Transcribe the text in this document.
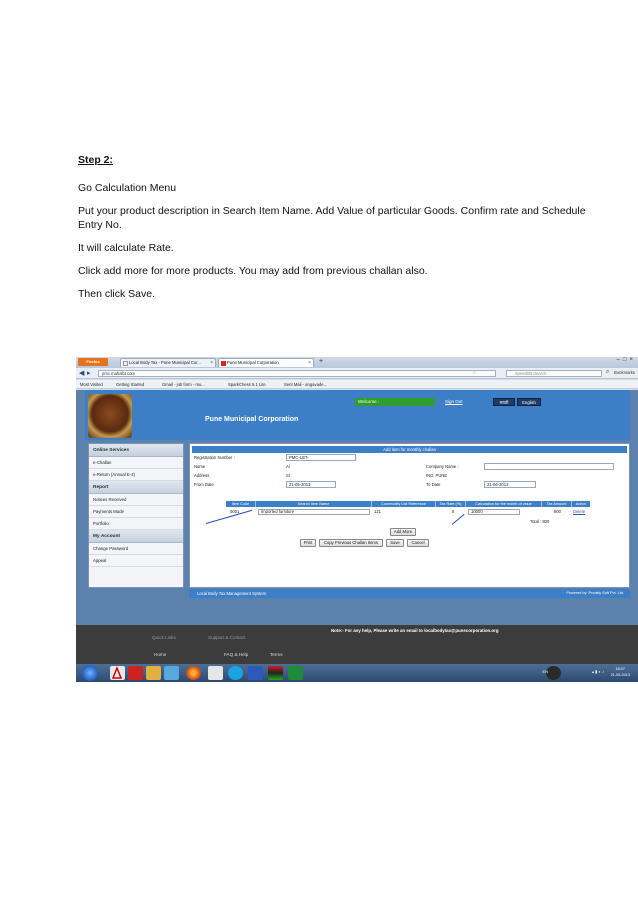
Step 2:

Go Calculation Menu

Put your product description in Search Item Name. Add Value of particular Goods. Confirm rate and Schedule Entry No.

It will calculate Rate.

Click add more for more products. You may add from previous challan also.

Then click Save.

Firefox	Local Body Tax - Pune Municipal Cor... ×	Pune Municipal Corporation	×	+	–□×
◀ ▸	pmc.mahalbt.com	☆	SpeedBit Search	⌕ Bookmarks
Most Visited	Getting Started	Gmail - job form - mu...	SparkChess 5.1 Lite	Sent Mail - angavade...
Pune Municipal Corporation
Welcome :	Sign Out	मराठी	English
Online Services
e-Challan
e-Return (Annual E-4)
Report
Notices Received
Payments Made
Portfolio
My Account
Change Password
Appeal
Add item for monthly challan
Registration Number :	PMC-LBT-
Name	Al	Company Name :
Address	Sl	IND, PUNE
From Date	21-05-2013	To Date	21-06-2013
Item Code	Search Item Name	Commodity List Reference	Tax Rate (%)	Calculation for the month of value	Tax Amount	Action
0001	Imported furniture	121	8	10000	800	Delete
Total : 800
Add More
Print	Copy Previous Challan Items	Save	Cancel
Local Body Tax Management System	Powered by: Prodsly Soft Pvt. Ltd.
Note:- For any help, Please write an email to localbodytax@punecorporation.org
Quick Links	Support & Contact
Home	FAQ & Help	Terms
EN	▴ ▮ ◐ ♪	18:07
21-05-2013
